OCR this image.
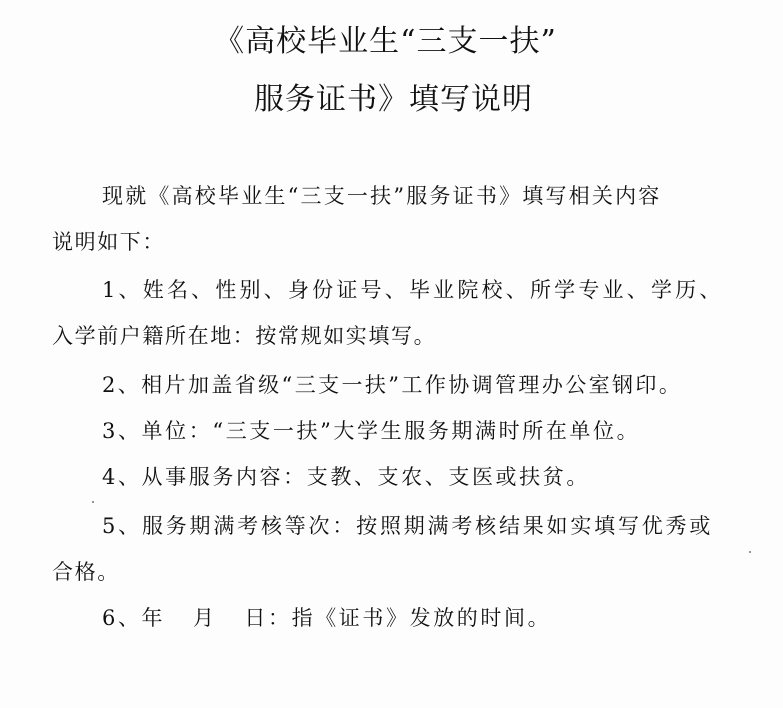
《高校毕业生“三支一扶”
服务证书》填写说明
现就《高校毕业生“三支一扶”服务证书》填写相关内容
说明如下：
1、姓名、性别、身份证号、毕业院校、所学专业、学历、
入学前户籍所在地：按常规如实填写。
2、相片加盖省级“三支一扶”工作协调管理办公室钢印。
3、单位：“三支一扶”大学生服务期满时所在单位。
4、从事服务内容：支教、支农、支医或扶贫。
5、服务期满考核等次：按照期满考核结果如实填写优秀或
合格。
6、年   月   日：指《证书》发放的时间。
